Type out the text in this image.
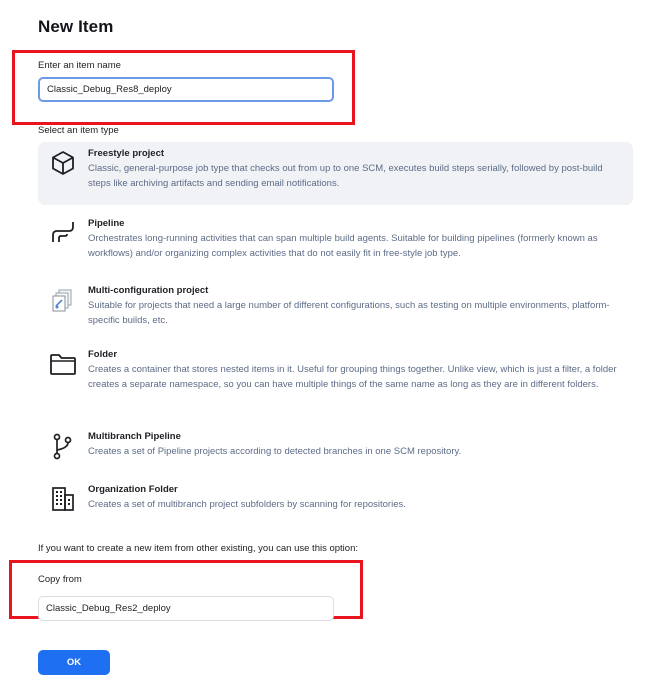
New Item
Enter an item name
Classic_Debug_Res8_deploy
Select an item type
Freestyle project
Classic, general-purpose job type that checks out from up to one SCM, executes build steps serially, followed by post-build steps like archiving artifacts and sending email notifications.
Pipeline
Orchestrates long-running activities that can span multiple build agents. Suitable for building pipelines (formerly known as workflows) and/or organizing complex activities that do not easily fit in free-style job type.
Multi-configuration project
Suitable for projects that need a large number of different configurations, such as testing on multiple environments, platform-specific builds, etc.
Folder
Creates a container that stores nested items in it. Useful for grouping things together. Unlike view, which is just a filter, a folder creates a separate namespace, so you can have multiple things of the same name as long as they are in different folders.
Multibranch Pipeline
Creates a set of Pipeline projects according to detected branches in one SCM repository.
Organization Folder
Creates a set of multibranch project subfolders by scanning for repositories.
If you want to create a new item from other existing, you can use this option:
Copy from
Classic_Debug_Res2_deploy
OK
